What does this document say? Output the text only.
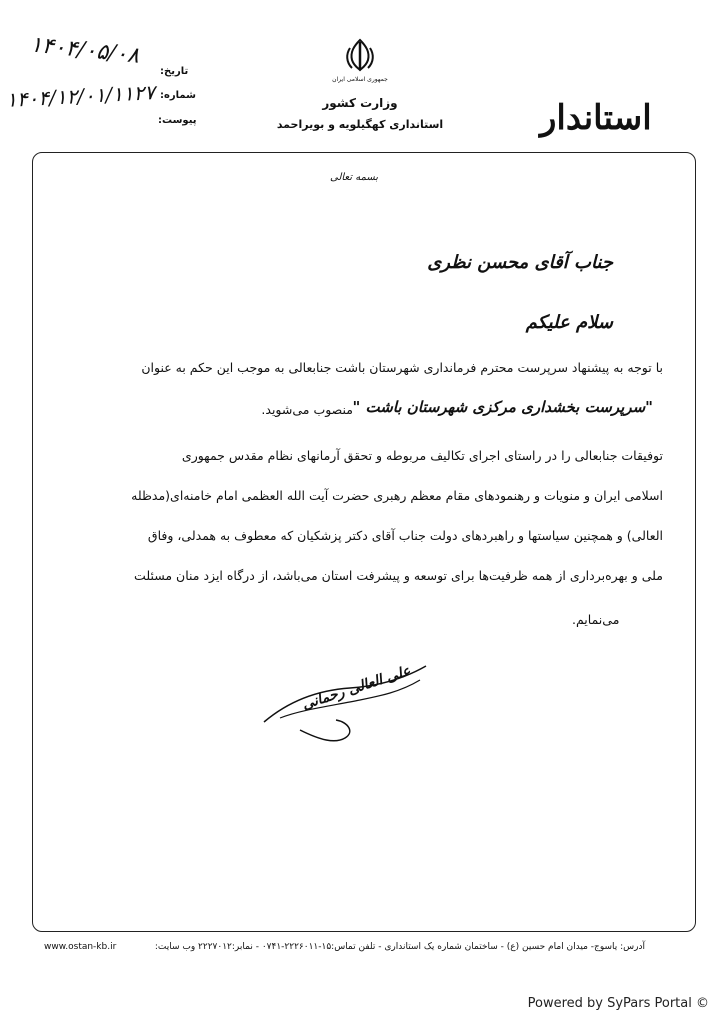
تاریخ:
شماره:
پیوست:
۱۴۰۴/۰۵/۰۸
۱۴۰۴/۱۲/۰۱/۱۱۲۷
جمهوری اسلامی ایران
وزارت کشور
استانداری کهگیلویه و بویراحمد	استاندار
بسمه تعالی
جناب آقای محسن نظری
سلام علیکم
با توجه به پیشنهاد سرپرست محترم فرمانداری شهرستان باشت جنابعالی به موجب این حکم به عنوان
"سرپرست بخشداری مرکزی شهرستان باشت "
منصوب می‌شوید.
توفیقات جنابعالی را در راستای اجرای تکالیف مربوطه و تحقق آرمانهای نظام مقدس جمهوری
اسلامی ایران و منویات و رهنمودهای مقام معظم رهبری حضرت آیت الله العظمی امام خامنه‌ای(مدظله
العالی) و همچنین سیاستها و راهبردهای دولت جناب آقای دکتر پزشکیان که معطوف به همدلی، وفاق
ملی و بهره‌برداری از همه ظرفیت‌ها برای توسعه و پیشرفت استان می‌باشد، از درگاه ایزد منان مسئلت
می‌نمایم.
علی العالی رحمانی
آدرس: یاسوج- میدان امام حسین (ع) - ساختمان شماره یک استانداری - تلفن تماس:۱۵-۲۲۲۶۰۱۱-۰۷۴۱ - نمابر:۲۲۲۷۰۱۲ وب سایت:
www.ostan-kb.ir
Powered by SyPars Portal ©
